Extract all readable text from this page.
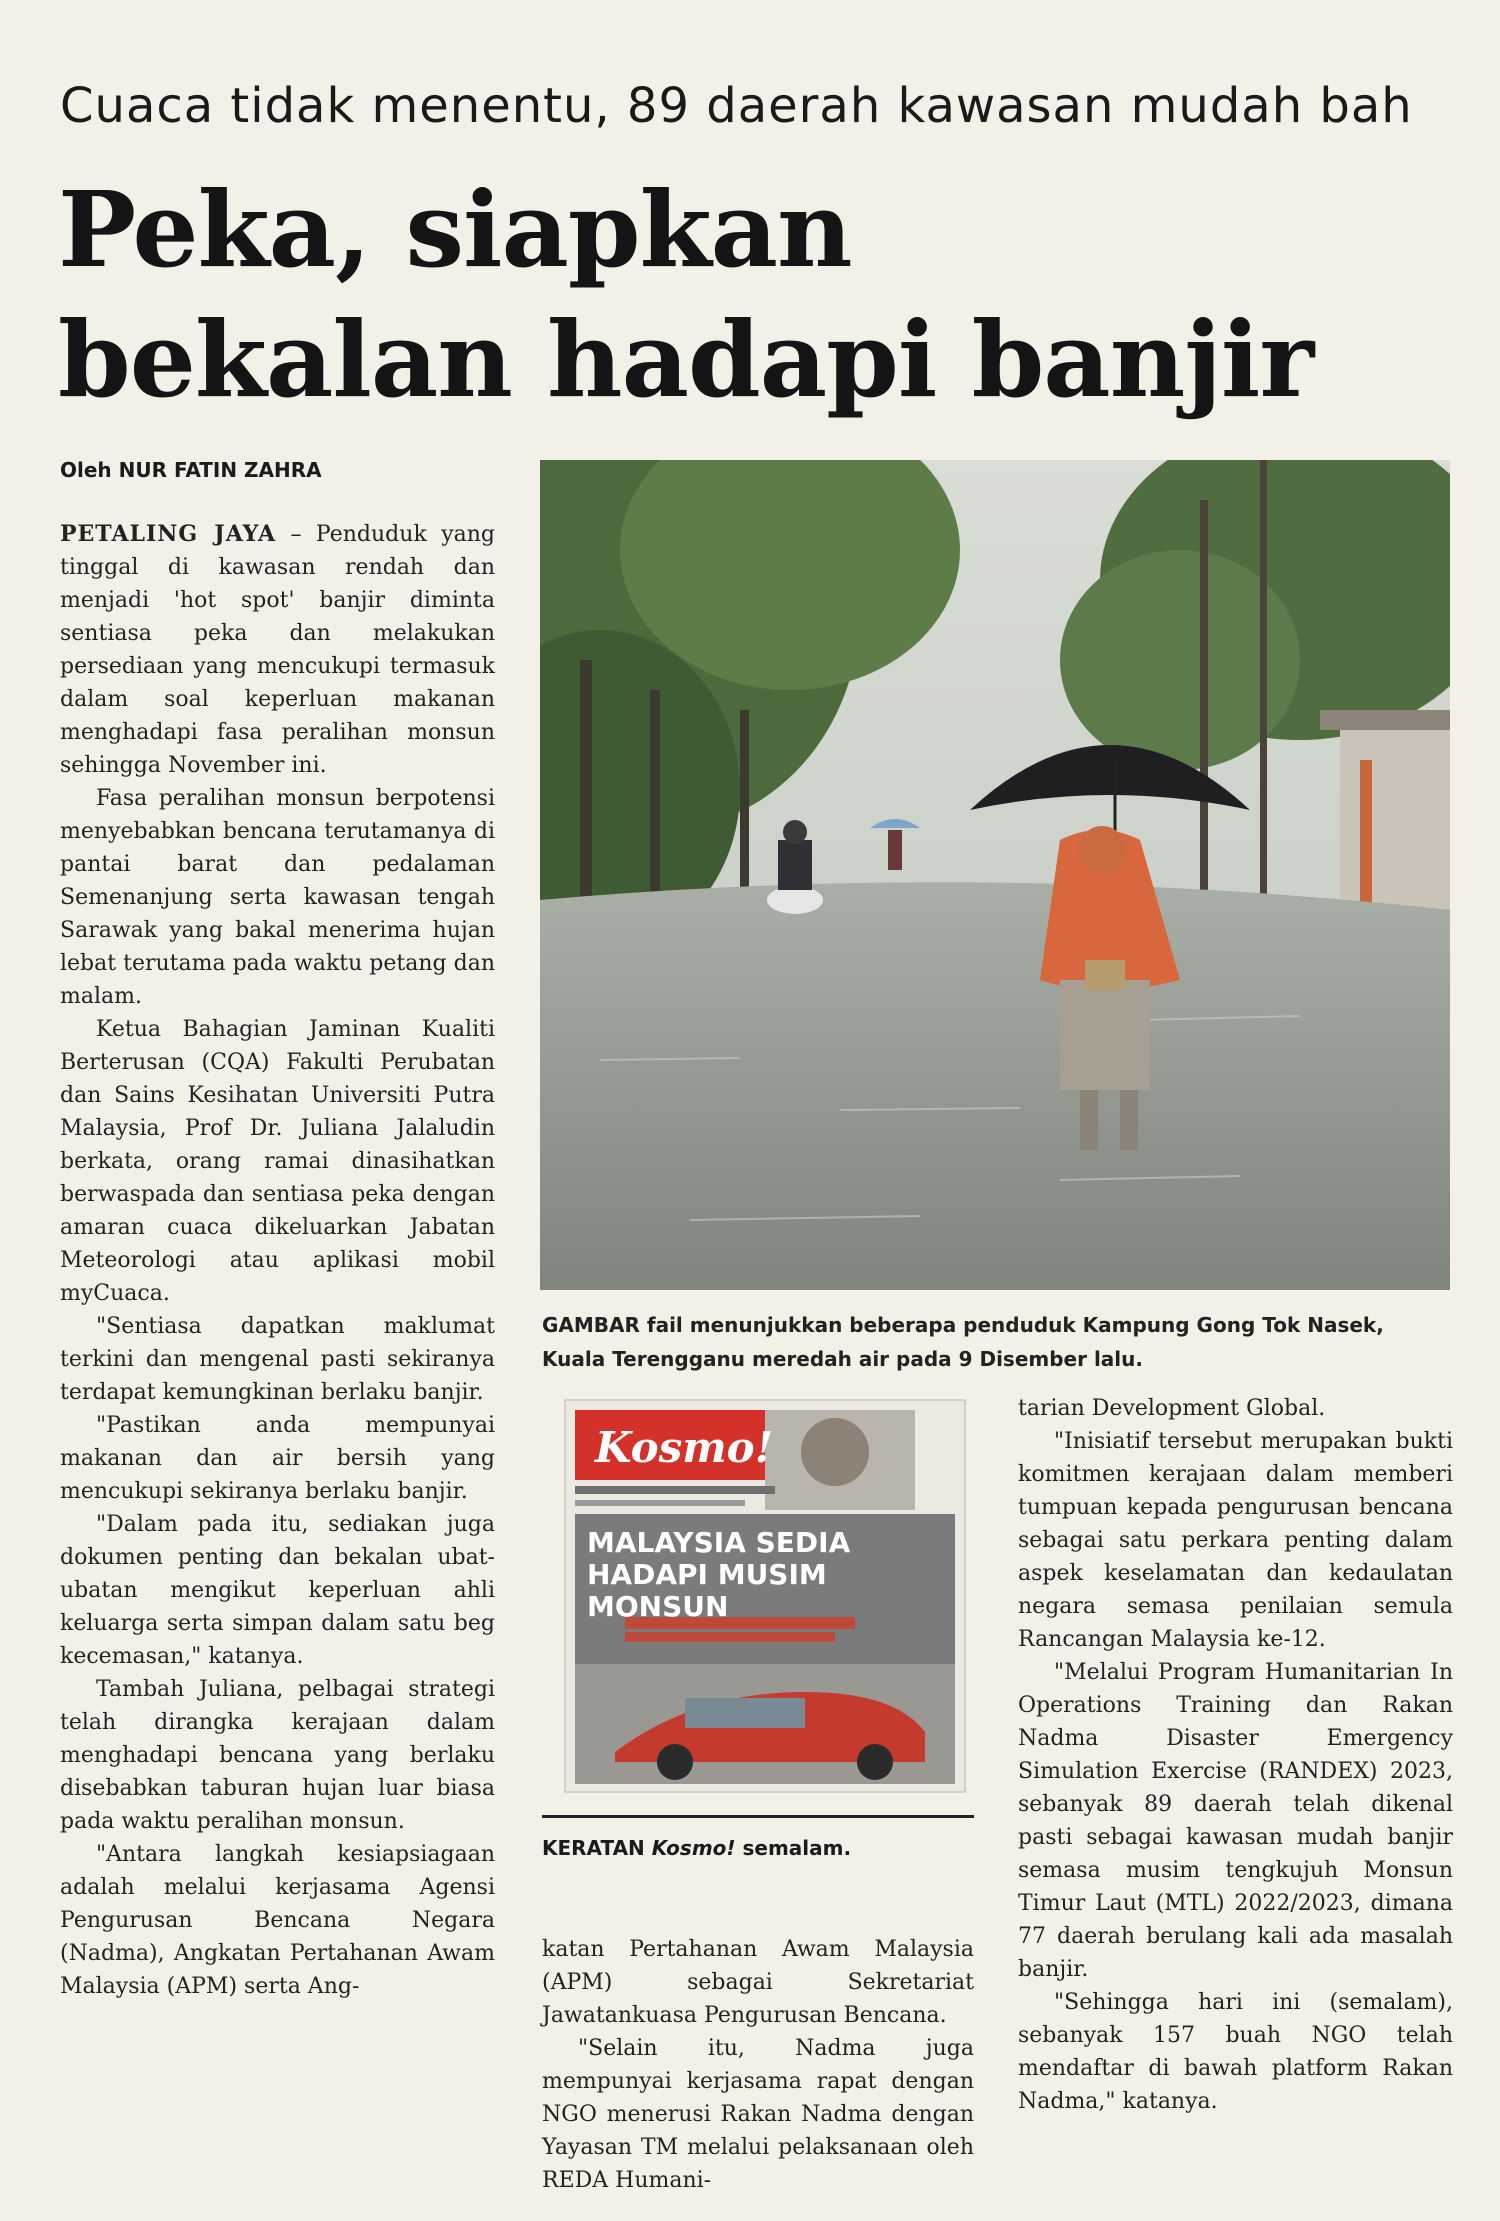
Cuaca tidak menentu, 89 daerah kawasan mudah bah
Peka, siapkan
bekalan hadapi banjir
Oleh NUR FATIN ZAHRA

PETALING JAYA – Penduduk yang tinggal di kawasan rendah dan menjadi 'hot spot' banjir diminta sentiasa peka dan melakukan persediaan yang mencukupi termasuk dalam soal keperluan makanan menghadapi fasa peralihan monsun sehingga November ini.

Fasa peralihan monsun berpotensi menyebabkan bencana terutamanya di pantai barat dan pedalaman Semenanjung serta kawasan tengah Sarawak yang bakal menerima hujan lebat terutama pada waktu petang dan malam.

Ketua Bahagian Jaminan Kualiti Berterusan (CQA) Fakulti Perubatan dan Sains Kesihatan Universiti Putra Malaysia, Prof Dr. Juliana Jalaludin berkata, orang ramai dinasihatkan berwaspada dan sentiasa peka dengan amaran cuaca dikeluarkan Jabatan Meteorologi atau aplikasi mobil myCuaca.

"Sentiasa dapatkan maklumat terkini dan mengenal pasti sekiranya terdapat kemungkinan berlaku banjir.

"Pastikan anda mempunyai makanan dan air bersih yang mencukupi sekiranya berlaku banjir.

"Dalam pada itu, sediakan juga dokumen penting dan bekalan ubat-ubatan mengikut keperluan ahli keluarga serta simpan dalam satu beg kecemasan," katanya.

Tambah Juliana, pelbagai strategi telah dirangka kerajaan dalam menghadapi bencana yang berlaku disebabkan taburan hujan luar biasa pada waktu peralihan monsun.

"Antara langkah kesiapsiagaan adalah melalui kerjasama Agensi Pengurusan Bencana Negara (Nadma), Angkatan Pertahanan Awam Malaysia (APM) serta Ang-

GAMBAR fail menunjukkan beberapa penduduk Kampung Gong Tok Nasek, Kuala Terengganu meredah air pada 9 Disember lalu.
Kosmo!
MALAYSIA SEDIA
HADAPI MUSIM
MONSUN
KERATAN Kosmo! semalam.

katan Pertahanan Awam Malaysia (APM) sebagai Sekretariat Jawatankuasa Pengurusan Bencana.

"Selain itu, Nadma juga mempunyai kerjasama rapat dengan NGO menerusi Rakan Nadma dengan Yayasan TM melalui pelaksanaan oleh REDA Humani-

tarian Development Global.

"Inisiatif tersebut merupakan bukti komitmen kerajaan dalam memberi tumpuan kepada pengurusan bencana sebagai satu perkara penting dalam aspek keselamatan dan kedaulatan negara semasa penilaian semula Rancangan Malaysia ke-12.

"Melalui Program Humanitarian In Operations Training dan Rakan Nadma Disaster Emergency Simulation Exercise (RANDEX) 2023, sebanyak 89 daerah telah dikenal pasti sebagai kawasan mudah banjir semasa musim tengkujuh Monsun Timur Laut (MTL) 2022/2023, dimana 77 daerah berulang kali ada masalah banjir.

"Sehingga hari ini (semalam), sebanyak 157 buah NGO telah mendaftar di bawah platform Rakan Nadma," katanya.
